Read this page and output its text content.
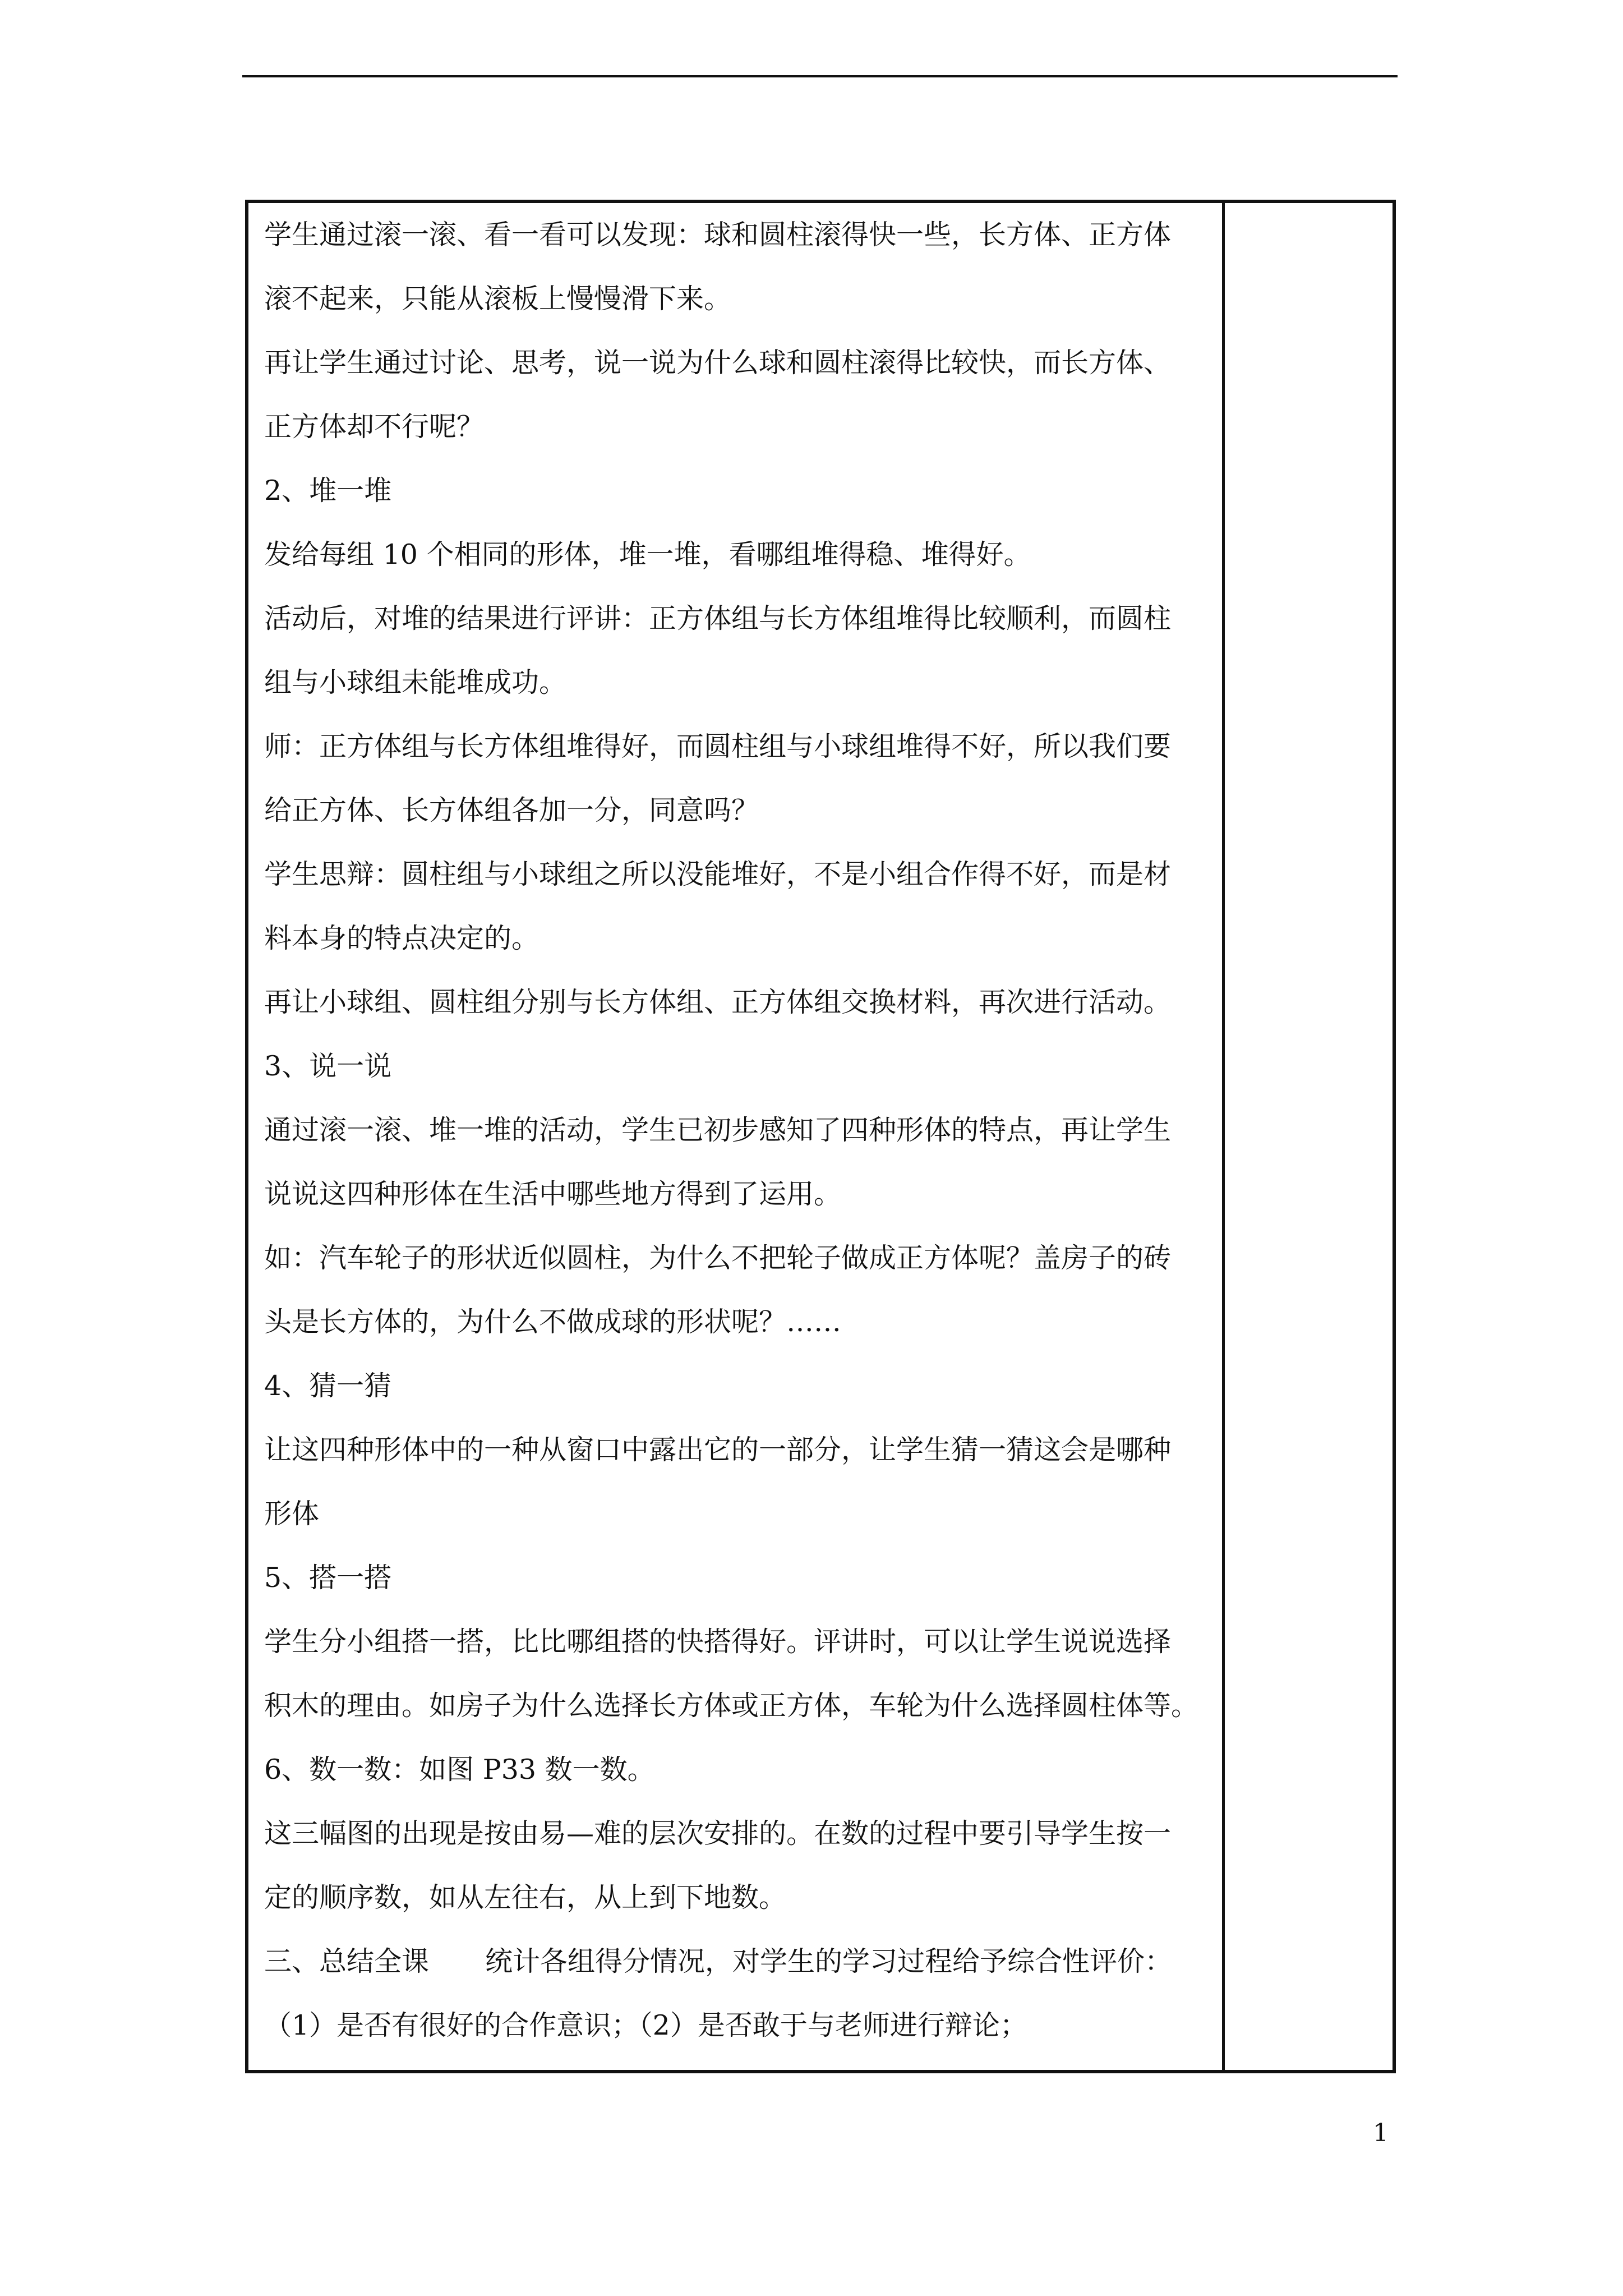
学生通过滚一滚、看一看可以发现：球和圆柱滚得快一些，长方体、正方体

滚不起来，只能从滚板上慢慢滑下来。

再让学生通过讨论、思考，说一说为什么球和圆柱滚得比较快，而长方体、

正方体却不行呢？

2、堆一堆

发给每组 10 个相同的形体，堆一堆，看哪组堆得稳、堆得好。

活动后，对堆的结果进行评讲：正方体组与长方体组堆得比较顺利，而圆柱

组与小球组未能堆成功。

师：正方体组与长方体组堆得好，而圆柱组与小球组堆得不好，所以我们要

给正方体、长方体组各加一分，同意吗？

学生思辩：圆柱组与小球组之所以没能堆好，不是小组合作得不好，而是材

料本身的特点决定的。

再让小球组、圆柱组分别与长方体组、正方体组交换材料，再次进行活动。

3、说一说

通过滚一滚、堆一堆的活动，学生已初步感知了四种形体的特点，再让学生

说说这四种形体在生活中哪些地方得到了运用。

如：汽车轮子的形状近似圆柱，为什么不把轮子做成正方体呢？盖房子的砖

头是长方体的，为什么不做成球的形状呢？……

4、猜一猜

让这四种形体中的一种从窗口中露出它的一部分，让学生猜一猜这会是哪种

形体

5、搭一搭

学生分小组搭一搭，比比哪组搭的快搭得好。评讲时，可以让学生说说选择

积木的理由。如房子为什么选择长方体或正方体，车轮为什么选择圆柱体等。

6、数一数：如图 P33 数一数。

这三幅图的出现是按由易—难的层次安排的。在数的过程中要引导学生按一

定的顺序数，如从左往右，从上到下地数。

三、总结全课 统计各组得分情况，对学生的学习过程给予综合性评价：

（1）是否有很好的合作意识；（2）是否敢于与老师进行辩论；

1
